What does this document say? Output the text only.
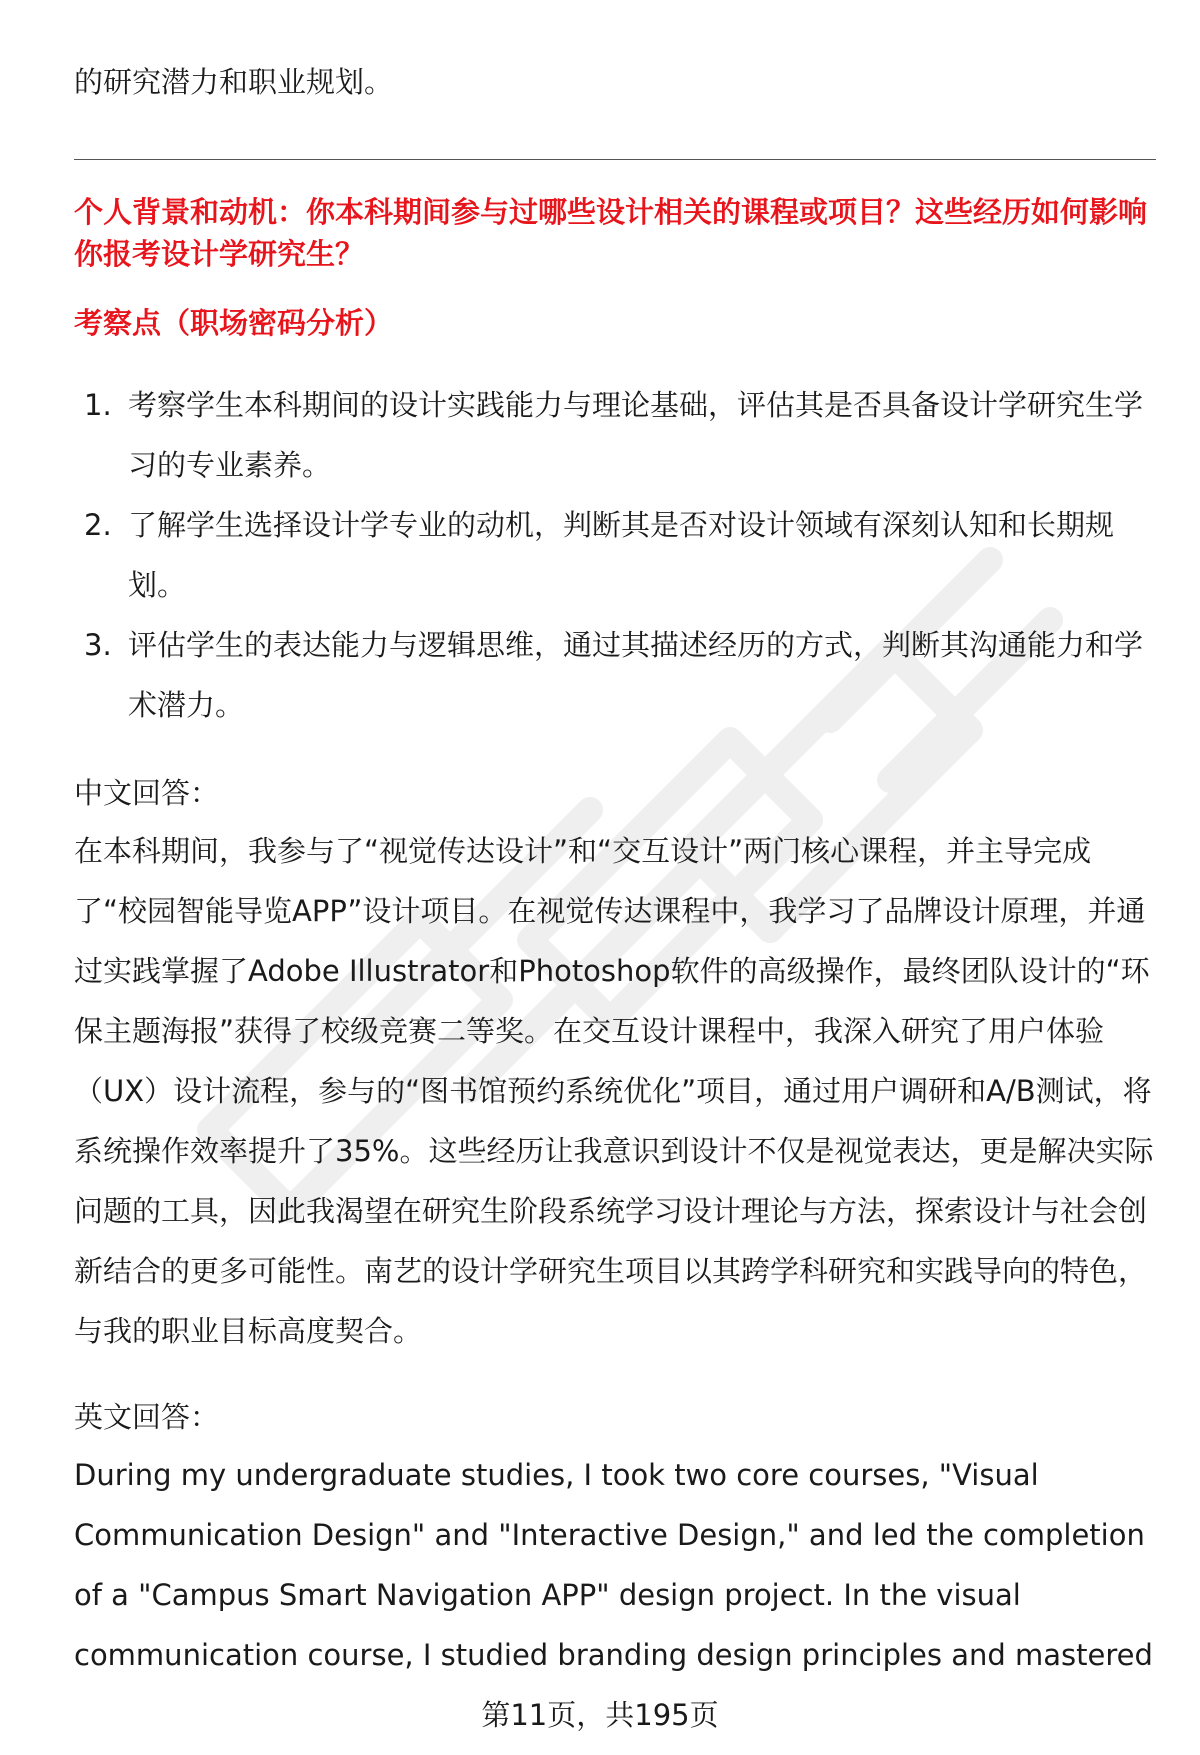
的研究潜力和职业规划。
个人背景和动机：你本科期间参与过哪些设计相关的课程或项目？这些经历如何影响你报考设计学研究生？
考察点（职场密码分析）
1. 考察学生本科期间的设计实践能力与理论基础，评估其是否具备设计学研究生学习的专业素养。
2. 了解学生选择设计学专业的动机，判断其是否对设计领域有深刻认知和长期规划。
3. 评估学生的表达能力与逻辑思维，通过其描述经历的方式，判断其沟通能力和学术潜力。
中文回答：

在本科期间，我参与了“视觉传达设计”和“交互设计”两门核心课程，并主导完成了“校园智能导览APP”设计项目。在视觉传达课程中，我学习了品牌设计原理，并通过实践掌握了Adobe Illustrator和Photoshop软件的高级操作，最终团队设计的“环保主题海报”获得了校级竞赛二等奖。在交互设计课程中，我深入研究了用户体验（UX）设计流程，参与的“图书馆预约系统优化”项目，通过用户调研和A/B测试，将系统操作效率提升了35%。这些经历让我意识到设计不仅是视觉表达，更是解决实际问题的工具，因此我渴望在研究生阶段系统学习设计理论与方法，探索设计与社会创新结合的更多可能性。南艺的设计学研究生项目以其跨学科研究和实践导向的特色，与我的职业目标高度契合。

英文回答：

During my undergraduate studies, I took two core courses, "Visual Communication Design" and "Interactive Design," and led the completion of a "Campus Smart Navigation APP" design project. In the visual communication course, I studied branding design principles and mastered

第11页，共195页
